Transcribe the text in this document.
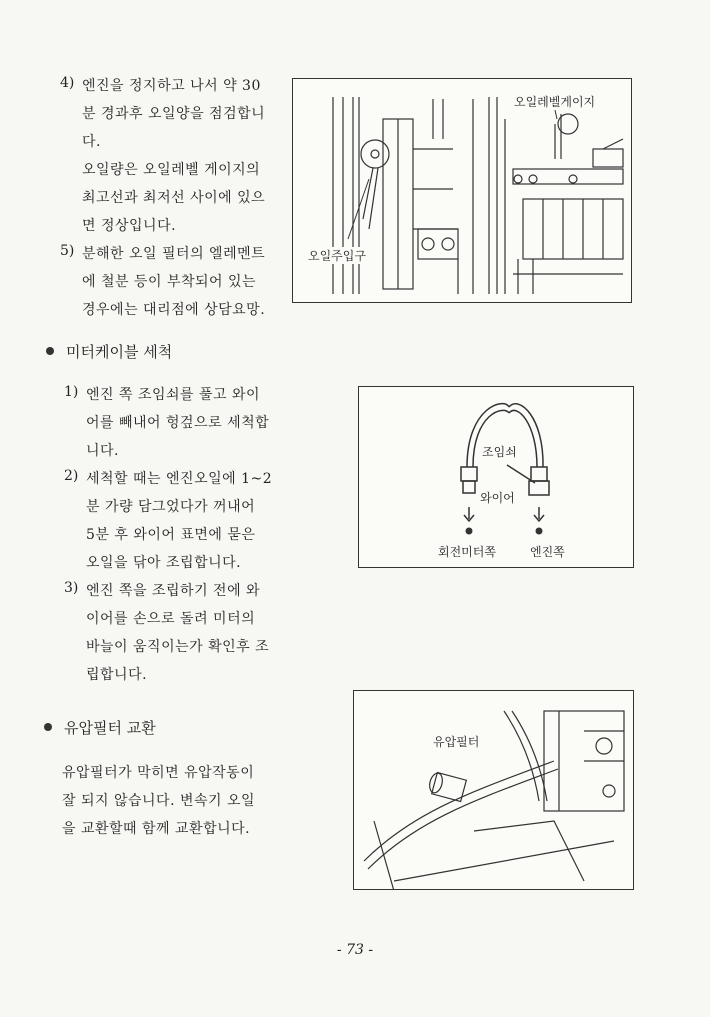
4) 엔진을 정지하고 나서 약 30
분 경과후 오일양을 점검합니
다.
오일량은 오일레벨 게이지의
최고선과 최저선 사이에 있으
면 정상입니다.
5) 분해한 오일 필터의 엘레멘트
에 철분 등이 부착되어 있는
경우에는 대리점에 상담요망.
오일레벨게이지
오일주입구
미터케이블 세척
1) 엔진 쪽 조임쇠를 풀고 와이
어를 빼내어 헝겊으로 세척합
니다.
2) 세척할 때는 엔진오일에 1~2
분 가량 담그었다가 꺼내어
5분 후 와이어 표면에 묻은
오일을 닦아 조립합니다.
3) 엔진 쪽을 조립하기 전에 와
이어를 손으로 돌려 미터의
바늘이 움직이는가 확인후 조
립합니다.
조임쇠
와이어
회전미터쪽	엔진쪽
유압필터 교환
유압필터가 막히면 유압작동이
잘 되지 않습니다. 변속기 오일
을 교환할때 함께 교환합니다.
유압필터
- 73 -
